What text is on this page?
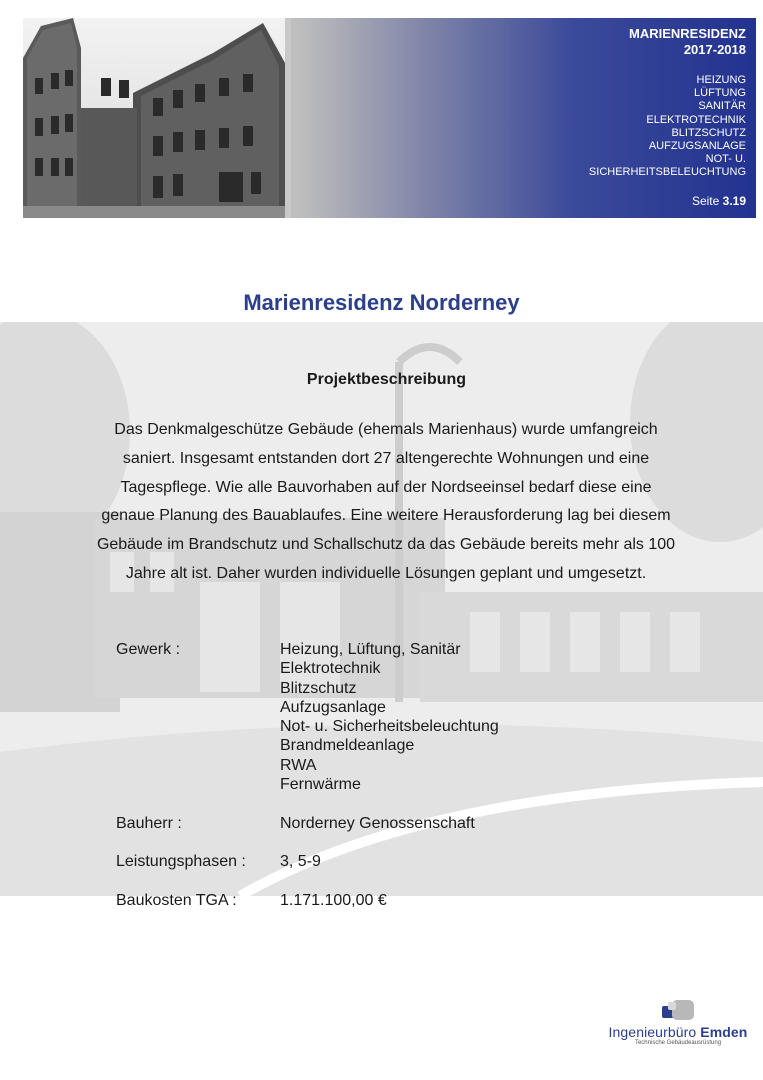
MARIENRESIDENZ
2017-2018
HEIZUNG
LÜFTUNG
SANITÄR
ELEKTROTECHNIK
BLITZSCHUTZ
AUFZUGSANLAGE
NOT- U.
SICHERHEITSBELEUCHTUNG
Seite 3.19
Marienresidenz Norderney
Projektbeschreibung
Das Denkmalgeschütze Gebäude (ehemals Marienhaus) wurde umfangreich saniert. Insgesamt entstanden dort 27 altengerechte Wohnungen und eine Tagespflege. Wie alle Bauvorhaben auf der Nordseeinsel bedarf diese eine genaue Planung des Bauablaufes. Eine weitere Herausforderung lag bei diesem Gebäude im Brandschutz und Schallschutz da das Gebäude bereits mehr als 100 Jahre alt ist. Daher wurden individuelle Lösungen geplant und umgesetzt.
Gewerk :	Heizung, Lüftung, Sanitär
Elektrotechnik
Blitzschutz
Aufzugsanlage
Not- u. Sicherheitsbeleuchtung
Brandmeldeanlage
RWA
Fernwärme
Bauherr :	Norderney Genossenschaft
Leistungsphasen :	3, 5-9
Baukosten TGA :	1.171.100,00 €
Ingenieurbüro Emden
Technische Gebäudeausrüstung
